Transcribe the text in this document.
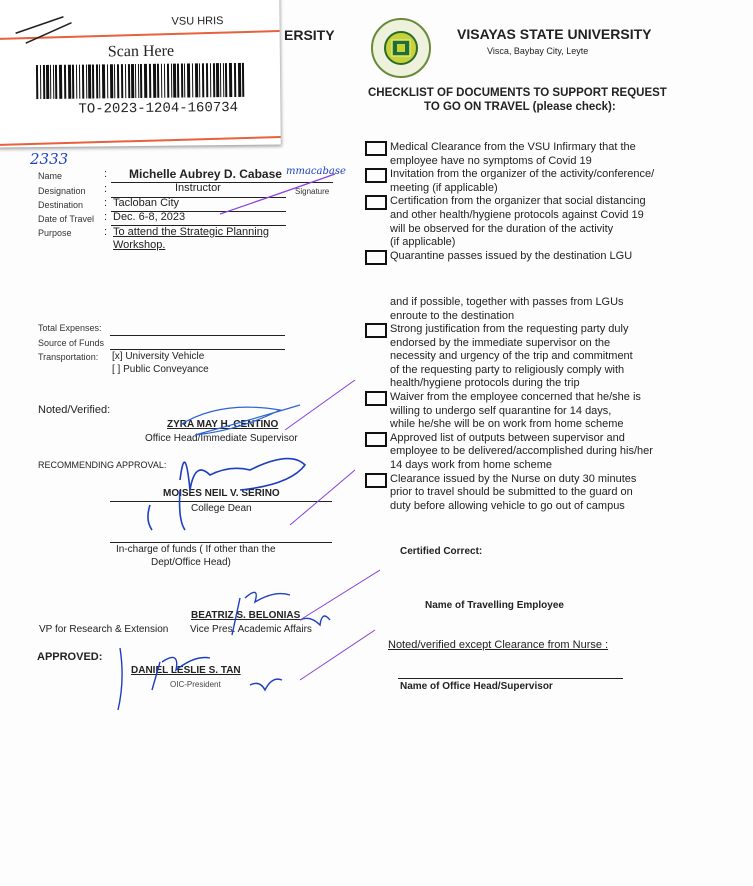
VSU HRIS
Scan Here
TO-2023-1204-160734
ERSITY	VISAYAS STATE UNIVERSITY
Visca, Baybay City, Leyte
CHECKLIST OF DOCUMENTS TO SUPPORT REQUEST
TO GO ON TRAVEL (please check):
2333
Name
Designation
Destination
Date of Travel
Purpose
:
:
:
:
:
Michelle Aubrey D. Cabase mmacabase
Signature
Instructor
Tacloban City
Dec. 6-8, 2023
To attend the Strategic Planning
Workshop.
Total Expenses:
Source of Funds
Transportation: [x] University Vehicle
[ ] Public Conveyance
Noted/Verified:
ZYRA MAY H. CENTINO
Office Head/Immediate Supervisor
RECOMMENDING APPROVAL:
MOISES NEIL V. SERINO
College Dean
In-charge of funds ( If other than the
Dept/Office Head)
BEATRIZ S. BELONIAS
VP for Research & Extension Vice Pres. Academic Affairs
APPROVED:
DANIEL LESLIE S. TAN
OIC-President
Medical Clearance from the VSU Infirmary that the
employee have no symptoms of Covid 19
Invitation from the organizer of the activity/conference/
meeting (if applicable)
Certification from the organizer that social distancing
and other health/hygiene protocols against Covid 19
will be observed for the duration of the activity
(if applicable)
Quarantine passes issued by the destination LGU
and if possible, together with passes from LGUs
enroute to the destination
Strong justification from the requesting party duly
endorsed by the immediate supervisor on the
necessity and urgency of the trip and commitment
of the requesting party to religiously comply with
health/hygiene protocols during the trip
Waiver from the employee concerned that he/she is
willing to undergo self quarantine for 14 days,
while he/she will be on work from home scheme
Approved list of outputs between supervisor and
employee to be delivered/accomplished during his/her
14 days work from home scheme
Clearance issued by the Nurse on duty 30 minutes
prior to travel should be submitted to the guard on
duty before allowing vehicle to go out of campus
Certified Correct:
Name of Travelling Employee
Noted/verified except Clearance from Nurse :
Name of Office Head/Supervisor
